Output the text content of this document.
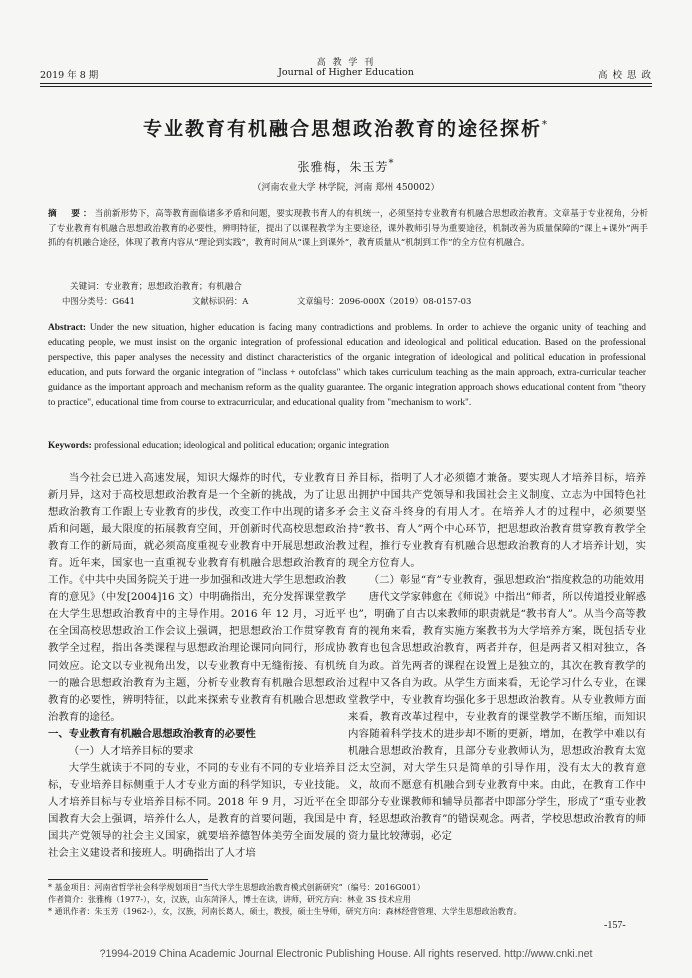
高 教 学 刊
2019 年 8 期	Journal of Higher Education	高 校 思 政
专业教育有机融合思想政治教育的途径探析*
张雅梅，朱玉芳*
（河南农业大学 林学院，河南 郑州 450002）
摘　要：当前新形势下，高等教育面临诸多矛盾和问题，要实现教书育人的有机统一，必须坚持专业教育有机融合思想政治教育。文章基于专业视角，分析了专业教育有机融合思想政治教育的必要性，辨明特征，提出了以课程教学为主要途径，课外教师引导为重要途径，机制改善为质量保障的“课上+课外”两手抓的有机融合途径，体现了教育内容从“理论到实践”，教育时间从“课上到课外”，教育质量从“机制到工作”的全方位有机融合。
关键词：专业教育；思想政治教育；有机融合
中图分类号：G641	文献标识码：A	文章编号：2096-000X（2019）08-0157-03
Abstract: Under the new situation, higher education is facing many contradictions and problems. In order to achieve the organic unity of teaching and educating people, we must insist on the organic integration of professional education and ideological and political education. Based on the professional perspective, this paper analyses the necessity and distinct characteristics of the organic integration of ideological and political education in professional education, and puts forward the organic integration of "inclass + outofclass" which takes curriculum teaching as the main approach, extra-curricular teacher guidance as the important approach and mechanism reform as the quality guarantee. The organic integration approach shows educational content from "theory to practice", educational time from course to extracurricular, and educational quality from "mechanism to work".
Keywords: professional education; ideological and political education; organic integration

当今社会已进入高速发展，知识大爆炸的时代，专业教育日新月异，这对于高校思想政治教育是一个全新的挑战，为了让思想政治教育工作跟上专业教育的步伐，改变工作中出现的诸多矛盾和问题，最大限度的拓展教育空间，开创新时代高校思想政治教育工作的新局面，就必须高度重视专业教育中开展思想政治教育。近年来，国家也一直重视专业教育有机融合思想政治教育的工作。《中共中央国务院关于进一步加强和改进大学生思想政治教育的意见》（中发[2004]16 文）中明确指出，充分发挥课堂教学在大学生思想政治教育中的主导作用。2016 年 12 月，习近平在全国高校思想政治工作会议上强调，把思想政治工作贯穿教育教学全过程，指出各类课程与思想政治理论课同向同行，形成协同效应。论文以专业视角出发，以专业教育中无缝衔接、有机统一的融合思想政治教育为主题，分析专业教育有机融合思想政治教育的必要性，辨明特征，以此来探索专业教育有机融合思想政治教育的途径。

一、专业教育有机融合思想政治教育的必要性
（一）人才培养目标的要求

大学生就读于不同的专业，不同的专业有不同的专业培养目标，专业培养目标侧重于人才专业方面的科学知识，专业技能。人才培养目标与专业培养目标不同。2018 年 9 月，习近平在全国教育大会上强调，培养什么人，是教育的首要问题，我国是中国共产党领导的社会主义国家，就要培养德智体美劳全面发展的社会主义建设者和接班人。明确指出了人才培

养目标，指明了人才必须德才兼备。要实现人才培养目标，培养出拥护中国共产党领导和我国社会主义制度、立志为中国特色社会主义奋斗终身的有用人才。在培养人才的过程中，必须要坚持“教书、育人”两个中心环节，把思想政治教育贯穿教育教学全过程，推行专业教育有机融合思想政治教育的人才培养计划，实现全方位育人。

（二）彰显“育”专业教育，强思想政治“指度救急的功能效用

唐代文学家韩愈在《师说》中指出“师者，所以传道授业解惑也”，明确了自古以来教师的职责就是“教书育人”。从当今高等教育的视角来看，教育实施方案教书为大学培养方案，既包括专业教育也包含思想政治教育，两者并存，但是两者又相对独立，各自为政。首先两者的课程在设置上是独立的，其次在教育教学的过程中又各自为政。从学生方面来看，无论学习什么专业，在课堂教学中，专业教育均强化多于思想政治教育。从专业教师方面来看，教育改革过程中，专业教育的课堂教学不断压缩，而知识内容随着科学技术的进步却不断的更新，增加，在教学中难以有机融合思想政治教育，且部分专业教师认为，思想政治教育太宽泛太空洞，对大学生只是简单的引导作用，没有太大的教育意义，故而不愿意有机融合到专业教育中来。由此，在教育工作中即部分专业课教师和辅导员都者中即部分学生，形成了“重专业教育，轻思想政治教育”的错误观念。两者，学校思想政治教育的师资力量比较薄弱，必定

* 基金项目：河南省哲学社会科学规划项目“当代大学生思想政治教育模式创新研究”（编号：2016G001）
作者简介：张雅梅（1977-），女，汉族，山东菏泽人，博士在读，讲师，研究方向：林业 3S 技术应用
* 通讯作者：朱玉芳（1962-），女，汉族，河南长葛人，硕士，教授，硕士生导师，研究方向：森林经营管理、大学生思想政治教育。
-157-
?1994-2019 China Academic Journal Electronic Publishing House. All rights reserved. http://www.cnki.net
